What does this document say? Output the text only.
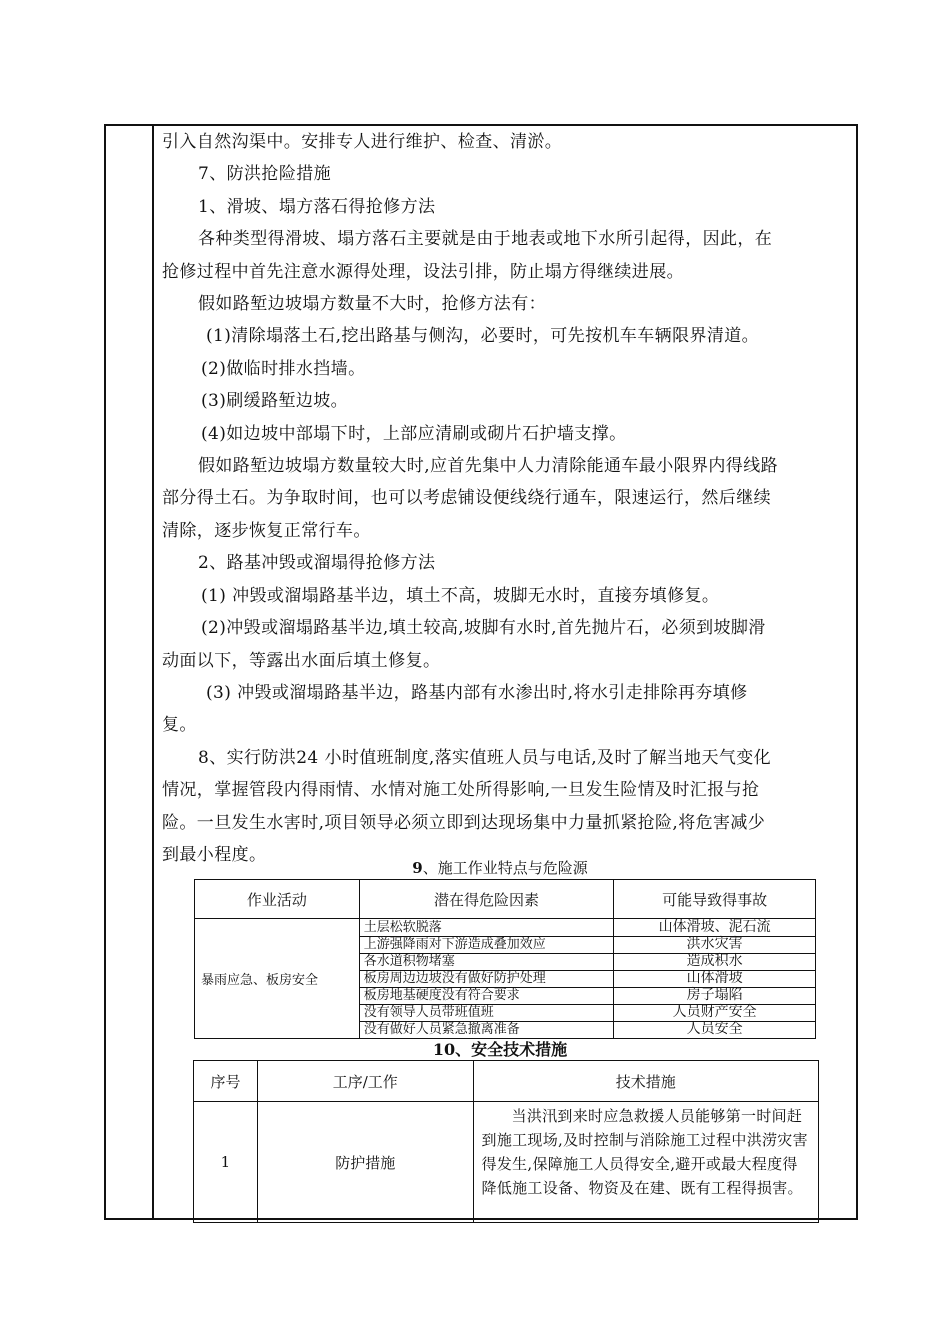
引入自然沟渠中。安排专人进行维护、检查、清淤。

7、防洪抢险措施

1、滑坡、塌方落石得抢修方法

各种类型得滑坡、塌方落石主要就是由于地表或地下水所引起得，因此，在

抢修过程中首先注意水源得处理，设法引排，防止塌方得继续进展。

假如路堑边坡塌方数量不大时，抢修方法有：

(1)清除塌落土石,挖出路基与侧沟，必要时，可先按机车车辆限界清道。

(2)做临时排水挡墙。

(3)刷缓路堑边坡。

(4)如边坡中部塌下时，上部应清刷或砌片石护墙支撑。

假如路堑边坡塌方数量较大时,应首先集中人力清除能通车最小限界内得线路

部分得土石。为争取时间，也可以考虑铺设便线绕行通车，限速运行，然后继续

清除，逐步恢复正常行车。

2、路基冲毁或溜塌得抢修方法

(1) 冲毁或溜塌路基半边，填土不高，坡脚无水时，直接夯填修复。

(2)冲毁或溜塌路基半边,填土较高,坡脚有水时,首先抛片石，必须到坡脚滑

动面以下，等露出水面后填土修复。

(3) 冲毁或溜塌路基半边，路基内部有水渗出时,将水引走排除再夯填修

复。

8、实行防洪24 小时值班制度,落实值班人员与电话,及时了解当地天气变化

情况，掌握管段内得雨情、水情对施工处所得影响,一旦发生险情及时汇报与抢

险。一旦发生水害时,项目领导必须立即到达现场集中力量抓紧抢险,将危害减少

到最小程度。

9、施工作业特点与危险源
作业活动	潜在得危险因素	可能导致得事故
暴雨应急、板房安全	土层松软脱落	山体滑坡、泥石流
	上游强降雨对下游造成叠加效应	洪水灾害
	各水道积物堵塞	造成积水
	板房周边边坡没有做好防护处理	山体滑坡
	板房地基硬度没有符合要求	房子塌陷
	没有领导人员带班值班	人员财产安全
	没有做好人员紧急撤离准备	人员安全
10、安全技术措施
序号	工序/工作	技术措施
1	防护措施	当洪汛到来时应急救援人员能够第一时间赶到施工现场,及时控制与消除施工过程中洪涝灾害得发生,保障施工人员得安全,避开或最大程度得降低施工设备、物资及在建、既有工程得损害。
